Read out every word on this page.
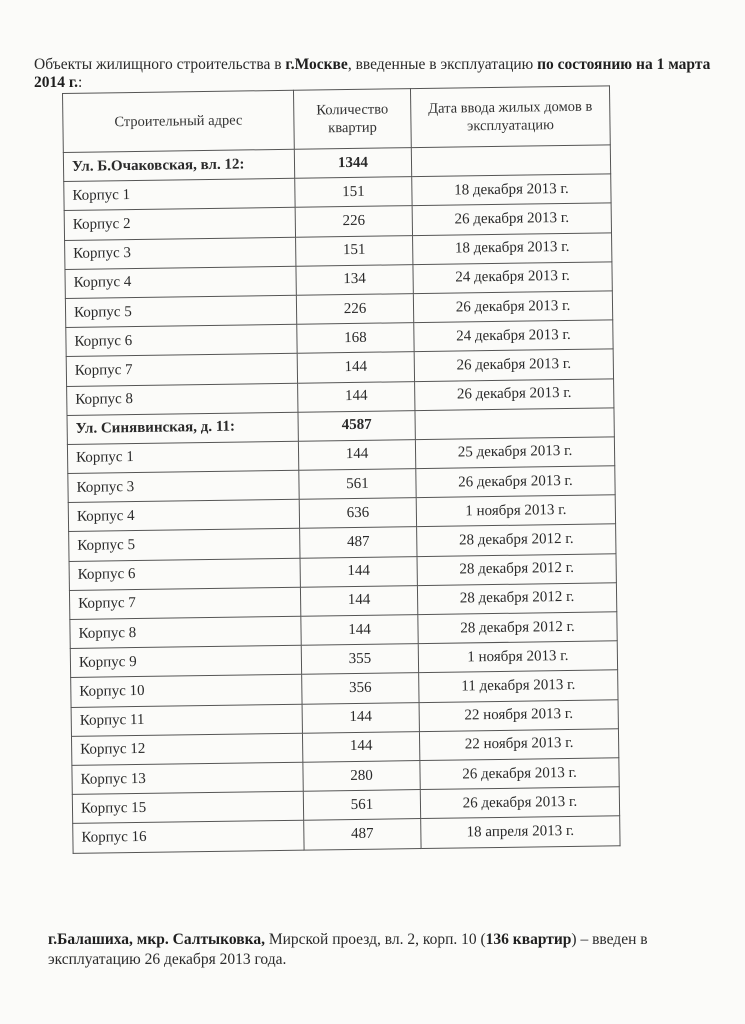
Объекты жилищного строительства в г.Москве, введенные в эксплуатацию по состоянию на 1 марта 2014 г.:
Строительный адрес	Количество квартир	Дата ввода жилых домов в эксплуатацию
Ул. Б.Очаковская, вл. 12:	1344	
Корпус 1	151	18 декабря 2013 г.
Корпус 2	226	26 декабря 2013 г.
Корпус 3	151	18 декабря 2013 г.
Корпус 4	134	24 декабря 2013 г.
Корпус 5	226	26 декабря 2013 г.
Корпус 6	168	24 декабря 2013 г.
Корпус 7	144	26 декабря 2013 г.
Корпус 8	144	26 декабря 2013 г.
Ул. Синявинская, д. 11:	4587	
Корпус 1	144	25 декабря 2013 г.
Корпус 3	561	26 декабря 2013 г.
Корпус 4	636	1 ноября 2013 г.
Корпус 5	487	28 декабря 2012 г.
Корпус 6	144	28 декабря 2012 г.
Корпус 7	144	28 декабря 2012 г.
Корпус 8	144	28 декабря 2012 г.
Корпус 9	355	1 ноября 2013 г.
Корпус 10	356	11 декабря 2013 г.
Корпус 11	144	22 ноября 2013 г.
Корпус 12	144	22 ноября 2013 г.
Корпус 13	280	26 декабря 2013 г.
Корпус 15	561	26 декабря 2013 г.
Корпус 16	487	18 апреля 2013 г.
г.Балашиха, мкр. Салтыковка, Мирской проезд, вл. 2, корп. 10 (136 квартир) – введен в эксплуатацию 26 декабря 2013 года.
